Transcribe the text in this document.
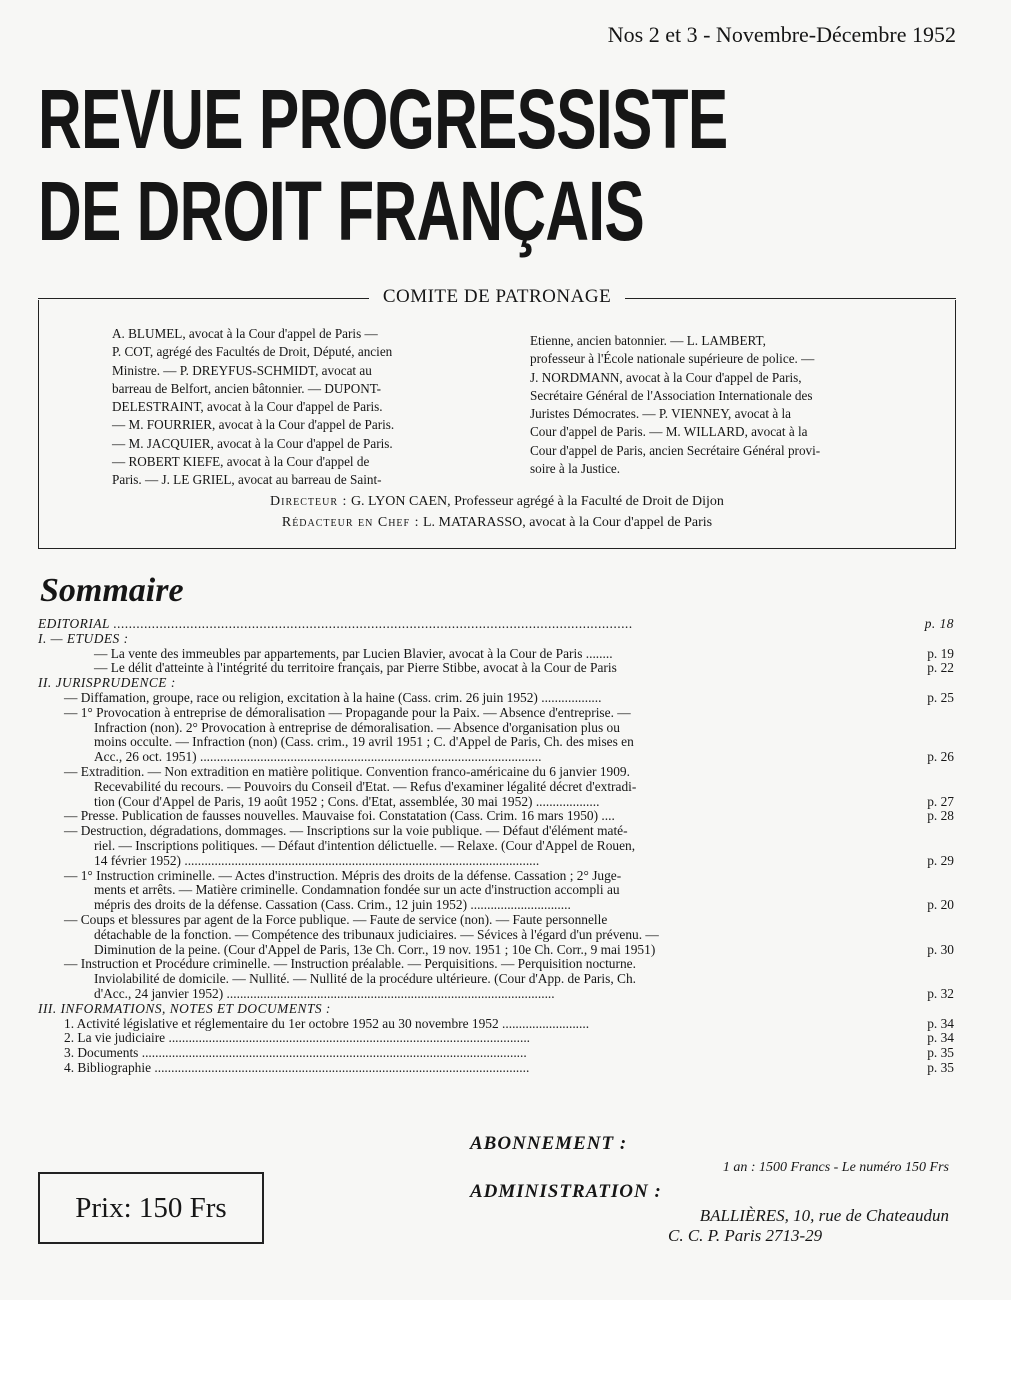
Nos 2 et 3 - Novembre-Décembre 1952
REVUE PROGRESSISTE
DE DROIT FRANÇAIS
COMITE DE PATRONAGE
A. BLUMEL, avocat à la Cour d'appel de Paris —
P. COT, agrégé des Facultés de Droit, Député, ancien
Ministre. — P. DREYFUS-SCHMIDT, avocat au
barreau de Belfort, ancien bâtonnier. — DUPONT-
DELESTRAINT, avocat à la Cour d'appel de Paris.
— M. FOURRIER, avocat à la Cour d'appel de Paris.
— M. JACQUIER, avocat à la Cour d'appel de Paris.
— ROBERT KIEFE, avocat à la Cour d'appel de
Paris. — J. LE GRIEL, avocat au barreau de Saint-
Etienne, ancien batonnier. — L. LAMBERT,
professeur à l'École nationale supérieure de police. —
J. NORDMANN, avocat à la Cour d'appel de Paris,
Secrétaire Général de l'Association Internationale des
Juristes Démocrates. — P. VIENNEY, avocat à la
Cour d'appel de Paris. — M. WILLARD, avocat à la
Cour d'appel de Paris, ancien Secrétaire Général provi-
soire à la Justice.
Directeur : G. LYON CAEN, Professeur agrégé à la Faculté de Droit de Dijon
Rédacteur en Chef : L. MATARASSO, avocat à la Cour d'appel de Paris
Sommaire
EDITORIAL .......................................................................................................................................	p. 18
I. — ETUDES :
— La vente des immeubles par appartements, par Lucien Blavier, avocat à la Cour de Paris ........	p. 19
— Le délit d'atteinte à l'intégrité du territoire français, par Pierre Stibbe, avocat à la Cour de Paris	p. 22
II. JURISPRUDENCE :
— Diffamation, groupe, race ou religion, excitation à la haine (Cass. crim. 26 juin 1952) ..................	p. 25
— 1° Provocation à entreprise de démoralisation — Propagande pour la Paix. — Absence d'entreprise. —
Infraction (non). 2° Provocation à entreprise de démoralisation. — Absence d'organisation plus ou
moins occulte. — Infraction (non) (Cass. crim., 19 avril 1951 ; C. d'Appel de Paris, Ch. des mises en
Acc., 26 oct. 1951) ......................................................................................................	p. 26
— Extradition. — Non extradition en matière politique. Convention franco-américaine du 6 janvier 1909.
Recevabilité du recours. — Pouvoirs du Conseil d'Etat. — Refus d'examiner légalité décret d'extradi-
tion (Cour d'Appel de Paris, 19 août 1952 ; Cons. d'Etat, assemblée, 30 mai 1952) ...................	p. 27
— Presse. Publication de fausses nouvelles. Mauvaise foi. Constatation (Cass. Crim. 16 mars 1950) ....	p. 28
— Destruction, dégradations, dommages. — Inscriptions sur la voie publique. — Défaut d'élément maté-
riel. — Inscriptions politiques. — Défaut d'intention délictuelle. — Relaxe. (Cour d'Appel de Rouen,
14 février 1952) ..........................................................................................................	p. 29
— 1° Instruction criminelle. — Actes d'instruction. Mépris des droits de la défense. Cassation ; 2° Juge-
ments et arrêts. — Matière criminelle. Condamnation fondée sur un acte d'instruction accompli au
mépris des droits de la défense. Cassation (Cass. Crim., 12 juin 1952) ..............................	p. 20
— Coups et blessures par agent de la Force publique. — Faute de service (non). — Faute personnelle
détachable de la fonction. — Compétence des tribunaux judiciaires. — Sévices à l'égard d'un prévenu. —
Diminution de la peine. (Cour d'Appel de Paris, 13e Ch. Corr., 19 nov. 1951 ; 10e Ch. Corr., 9 mai 1951)	p. 30
— Instruction et Procédure criminelle. — Instruction préalable. — Perquisitions. — Perquisition nocturne.
Inviolabilité de domicile. — Nullité. — Nullité de la procédure ultérieure. (Cour d'App. de Paris, Ch.
d'Acc., 24 janvier 1952) ..................................................................................................	p. 32
III. INFORMATIONS, NOTES ET DOCUMENTS :
1. Activité législative et réglementaire du 1er octobre 1952 au 30 novembre 1952 ..........................	p. 34
2. La vie judiciaire ............................................................................................................	p. 34
3. Documents ...................................................................................................................	p. 35
4. Bibliographie ................................................................................................................	p. 35
ABONNEMENT :
1 an : 1500 Francs - Le numéro 150 Frs
ADMINISTRATION :
BALLIÈRES, 10, rue de Chateaudun
C. C. P. Paris 2713-29
Prix: 150 Frs
